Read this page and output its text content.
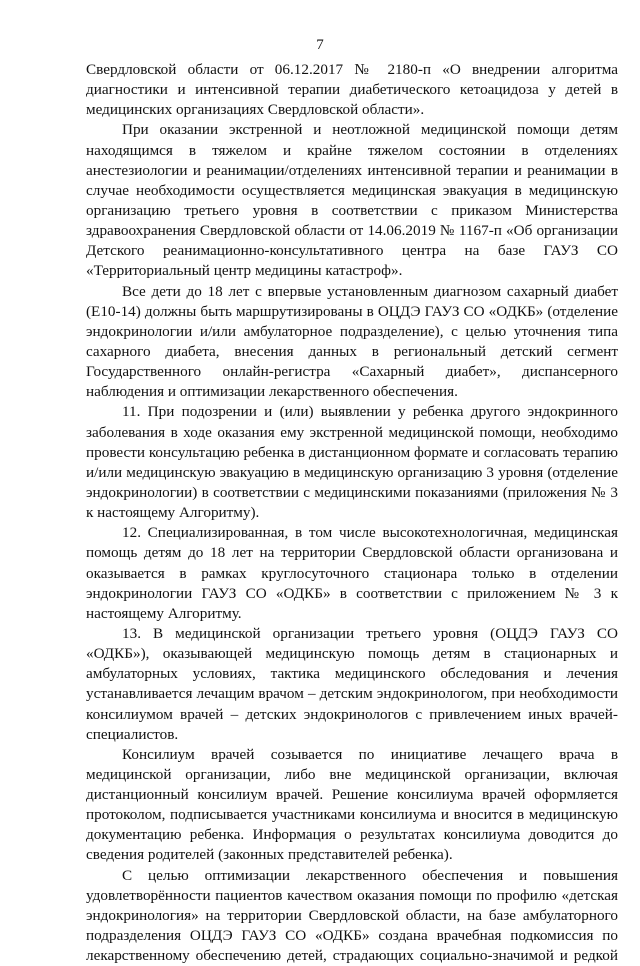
7
Свердловской области от 06.12.2017 № 2180-п «О внедрении алгоритма
диагностики и интенсивной терапии диабетического кетоацидоза у детей в
медицинских организациях Свердловской области».
При оказании экстренной и неотложной медицинской помощи детям
находящимся в тяжелом и крайне тяжелом состоянии в отделениях
анестезиологии и реанимации/отделениях интенсивной терапии и реанимации в
случае необходимости осуществляется медицинская эвакуация в медицинскую
организацию третьего уровня в соответствии с приказом Министерства
здравоохранения Свердловской области от 14.06.2019 № 1167-п «Об организации
Детского реанимационно-консультативного центра на базе ГАУЗ СО
«Территориальный центр медицины катастроф».
Все дети до 18 лет с впервые установленным диагнозом сахарный диабет
(Е10-14) должны быть маршрутизированы в ОЦДЭ ГАУЗ СО «ОДКБ» (отделение
эндокринологии и/или амбулаторное подразделение), с целью уточнения типа
сахарного диабета, внесения данных в региональный детский сегмент
Государственного онлайн-регистра «Сахарный диабет», диспансерного
наблюдения и оптимизации лекарственного обеспечения.
11. При подозрении и (или) выявлении у ребенка другого эндокринного
заболевания в ходе оказания ему экстренной медицинской помощи, необходимо
провести консультацию ребенка в дистанционном формате и согласовать терапию
и/или медицинскую эвакуацию в медицинскую организацию 3 уровня (отделение
эндокринологии) в соответствии с медицинскими показаниями (приложения № 3
к настоящему Алгоритму).
12. Специализированная, в том числе высокотехнологичная, медицинская
помощь детям до 18 лет на территории Свердловской области организована и
оказывается в рамках круглосуточного стационара только в отделении
эндокринологии ГАУЗ СО «ОДКБ» в соответствии с приложением № 3 к
настоящему Алгоритму.
13. В медицинской организации третьего уровня (ОЦДЭ ГАУЗ СО
«ОДКБ»), оказывающей медицинскую помощь детям в стационарных и
амбулаторных условиях, тактика медицинского обследования и лечения
устанавливается лечащим врачом – детским эндокринологом, при необходимости
консилиумом врачей – детских эндокринологов с привлечением иных врачей-
специалистов.
Консилиум врачей созывается по инициативе лечащего врача в
медицинской организации, либо вне медицинской организации, включая
дистанционный консилиум врачей. Решение консилиума врачей оформляется
протоколом, подписывается участниками консилиума и вносится в медицинскую
документацию ребенка. Информация о результатах консилиума доводится до
сведения родителей (законных представителей ребенка).
С целью оптимизации лекарственного обеспечения и повышения
удовлетворённости пациентов качеством оказания помощи по профилю «детская
эндокринология» на территории Свердловской области, на базе амбулаторного
подразделения ОЦДЭ ГАУЗ СО «ОДКБ» создана врачебная подкомиссия по
лекарственному обеспечению детей, страдающих социально-значимой и редкой
